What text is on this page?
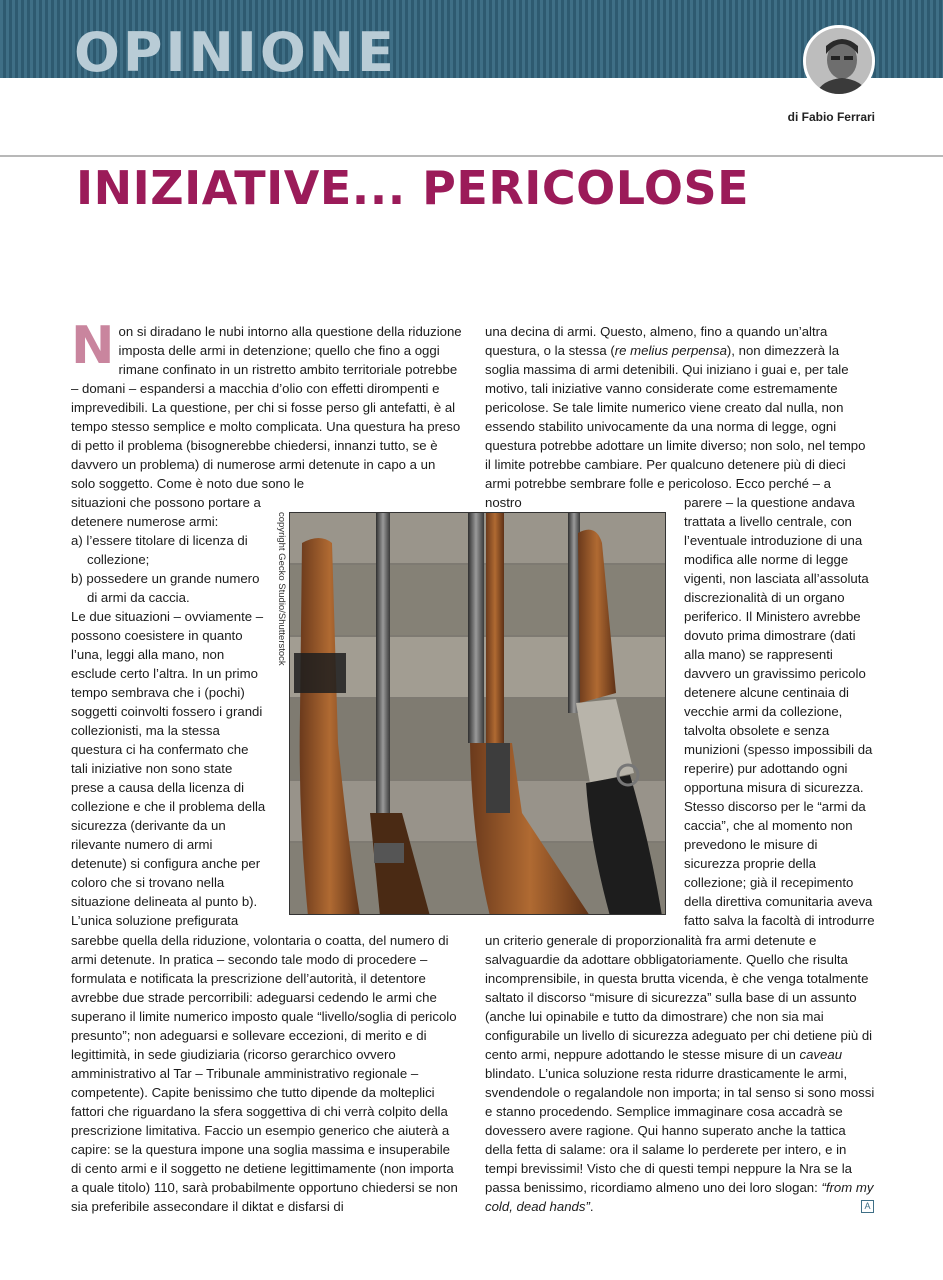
OPINIONE
di Fabio Ferrari
INIZIATIVE... PERICOLOSE

Non si diradano le nubi intorno alla questione della riduzione imposta delle armi in detenzione; quello che fino a oggi rimane confinato in un ristretto ambito territoriale potrebbe – domani – espandersi a macchia d’olio con effetti dirompenti e imprevedibili. La questione, per chi si fosse perso gli antefatti, è al tempo stesso semplice e molto complicata. Una questura ha preso di petto il problema (bisognerebbe chiedersi, innanzi tutto, se è davvero un problema) di numerose armi detenute in capo a un solo soggetto. Come è noto due sono le

situazioni che possono portare a detenere numerose armi:

a) l’essere titolare di licenza di collezione;

b) possedere un grande numero di armi da caccia.

Le due situazioni – ovviamente – possono coesistere in quanto l’una, leggi alla mano, non esclude certo l’altra. In un primo tempo sembrava che i (pochi) soggetti coinvolti fossero i grandi collezionisti, ma la stessa questura ci ha confermato che tali iniziative non sono state prese a causa della licenza di collezione e che il problema della sicurezza (derivante da un rilevante numero di armi detenute) si configura anche per coloro che si trovano nella situazione delineata al punto b). L’unica soluzione prefigurata

sarebbe quella della riduzione, volontaria o coatta, del numero di armi detenute. In pratica – secondo tale modo di procedere – formulata e notificata la prescrizione dell’autorità, il detentore avrebbe due strade percorribili: adeguarsi cedendo le armi che superano il limite numerico imposto quale “livello/soglia di pericolo presunto”; non adeguarsi e sollevare eccezioni, di merito e di legittimità, in sede giudiziaria (ricorso gerarchico ovvero amministrativo al Tar – Tribunale amministrativo regionale – competente). Capite benissimo che tutto dipende da molteplici fattori che riguardano la sfera soggettiva di chi verrà colpito della prescrizione limitativa. Faccio un esempio generico che aiuterà a capire: se la questura impone una soglia massima e insuperabile di cento armi e il soggetto ne detiene legittimamente (non importa a quale titolo) 110, sarà probabilmente opportuno chiedersi se non sia preferibile assecondare il diktat e disfarsi di

una decina di armi. Questo, almeno, fino a quando un’altra questura, o la stessa (re melius perpensa), non dimezzerà la soglia massima di armi detenibili. Qui iniziano i guai e, per tale motivo, tali iniziative vanno considerate come estremamente pericolose. Se tale limite numerico viene creato dal nulla, non essendo stabilito univocamente da una norma di legge, ogni questura potrebbe adottare un limite diverso; non solo, nel tempo il limite potrebbe cambiare. Per qualcuno detenere più di dieci armi potrebbe sembrare folle e pericoloso. Ecco perché – a nostro	parere – la questione andava trattata a livello centrale, con l’eventuale introduzione di una modifica alle norme di legge vigenti, non lasciata all’assoluta discrezionalità di un organo periferico. Il Ministero avrebbe dovuto prima dimostrare (dati alla mano) se rappresenti davvero un gravissimo pericolo detenere alcune centinaia di vecchie armi da collezione, talvolta obsolete e senza munizioni (spesso impossibili da reperire) pur adottando ogni opportuna misura di sicurezza. Stesso discorso per le “armi da caccia”, che al momento non prevedono le misure di sicurezza proprie della collezione; già il recepimento della direttiva comunitaria aveva fatto salva la facoltà di introdurre

un criterio generale di proporzionalità fra armi detenute e salvaguardie da adottare obbligatoriamente. Quello che risulta incomprensibile, in questa brutta vicenda, è che venga totalmente saltato il discorso “misure di sicurezza” sulla base di un assunto (anche lui opinabile e tutto da dimostrare) che non sia mai configurabile un livello di sicurezza adeguato per chi detiene più di cento armi, neppure adottando le stesse misure di un caveau blindato. L’unica soluzione resta ridurre drasticamente le armi, svendendole o regalandole non importa; in tal senso si sono mossi e stanno procedendo. Semplice immaginare cosa accadrà se dovessero avere ragione. Qui hanno superato anche la tattica della fetta di salame: ora il salame lo perderete per intero, e in tempi brevissimi! Visto che di questi tempi neppure la Nra se la passa benissimo, ricordiamo almeno uno dei loro slogan: “from my cold, dead hands”.

copyright Gecko Studio/Shutterstock
A
